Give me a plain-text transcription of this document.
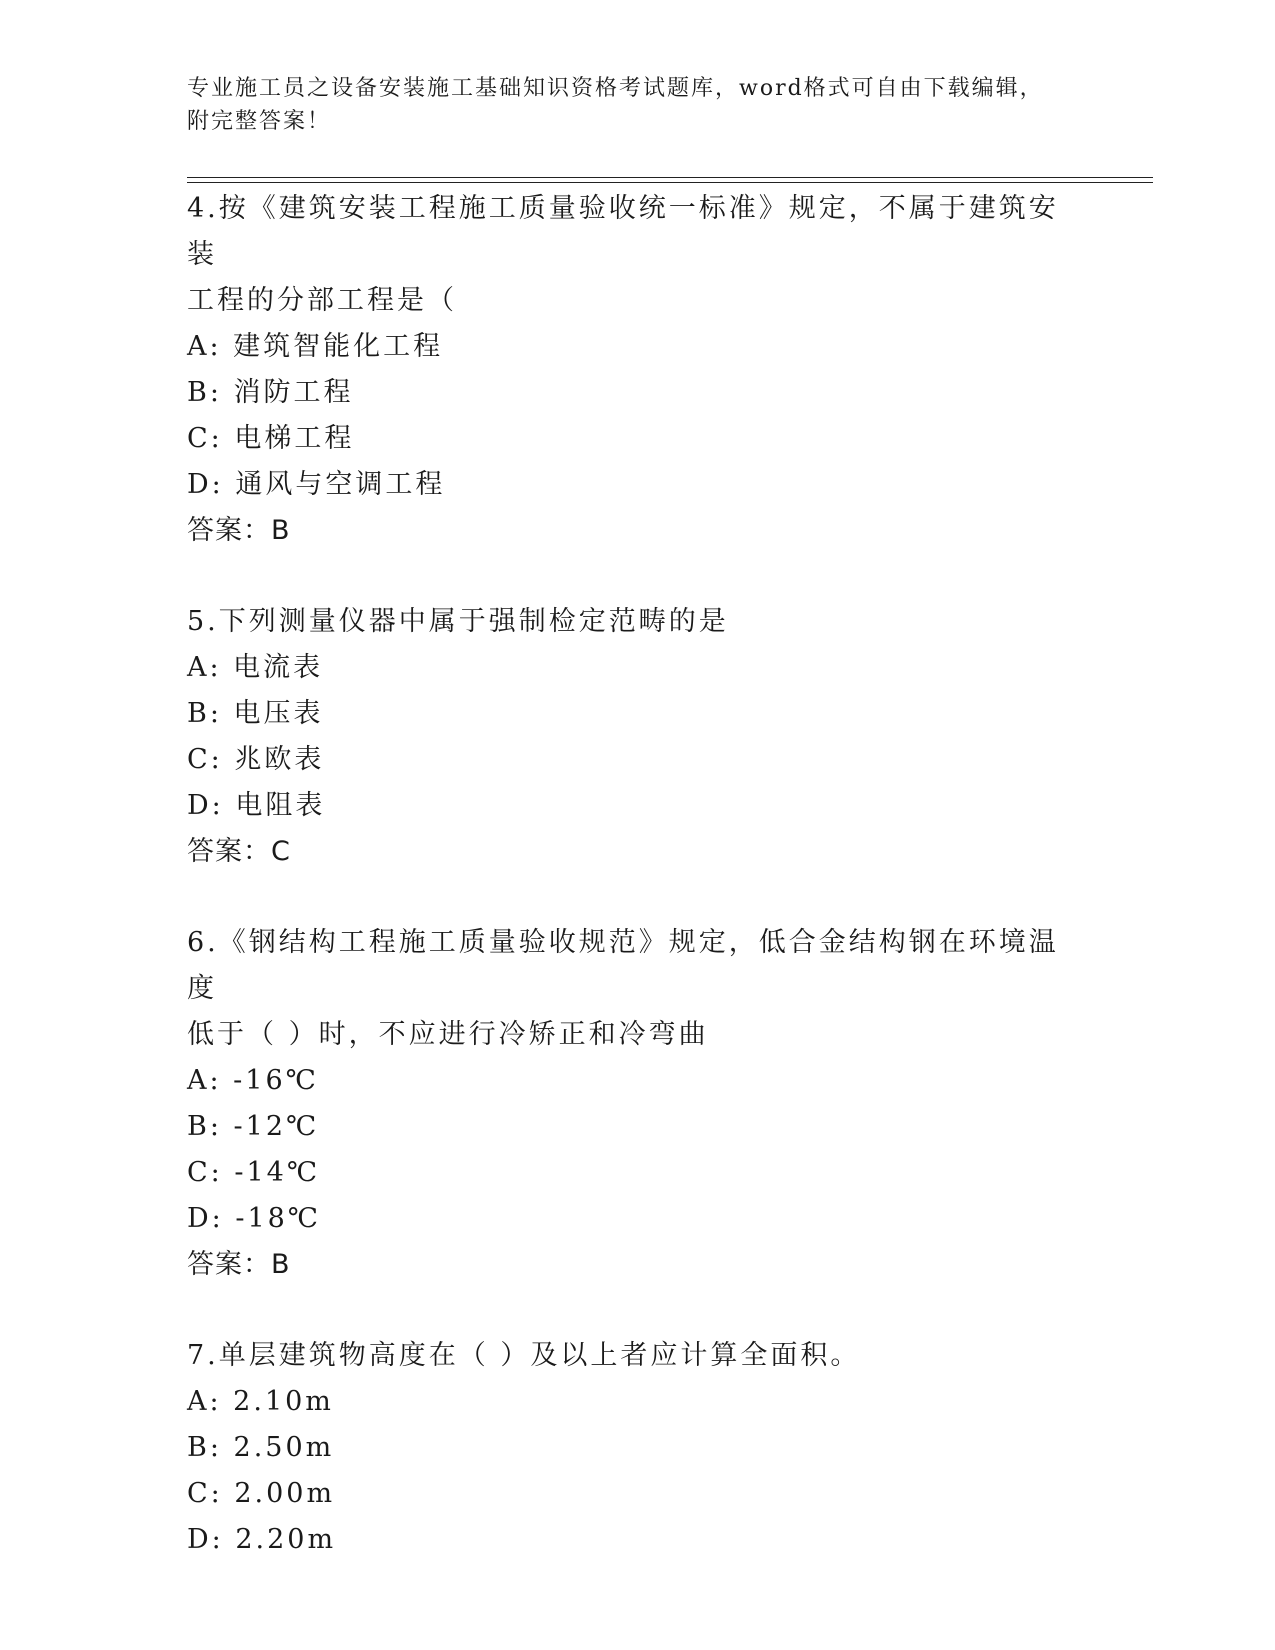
专业施工员之设备安装施工基础知识资格考试题库，word格式可自由下载编辑，
附完整答案！
4.按《建筑安装工程施工质量验收统一标准》规定，不属于建筑安装
工程的分部工程是（
A: 建筑智能化工程
B: 消防工程
C: 电梯工程
D: 通风与空调工程
答案：B
5.下列测量仪器中属于强制检定范畴的是
A: 电流表
B: 电压表
C: 兆欧表
D: 电阻表
答案：C
6.《钢结构工程施工质量验收规范》规定，低合金结构钢在环境温度
低于（ ）时，不应进行冷矫正和冷弯曲
A: -16℃
B: -12℃
C: -14℃
D: -18℃
答案：B
7.单层建筑物高度在（ ）及以上者应计算全面积。
A: 2.10m
B: 2.50m
C: 2.00m
D: 2.20m
